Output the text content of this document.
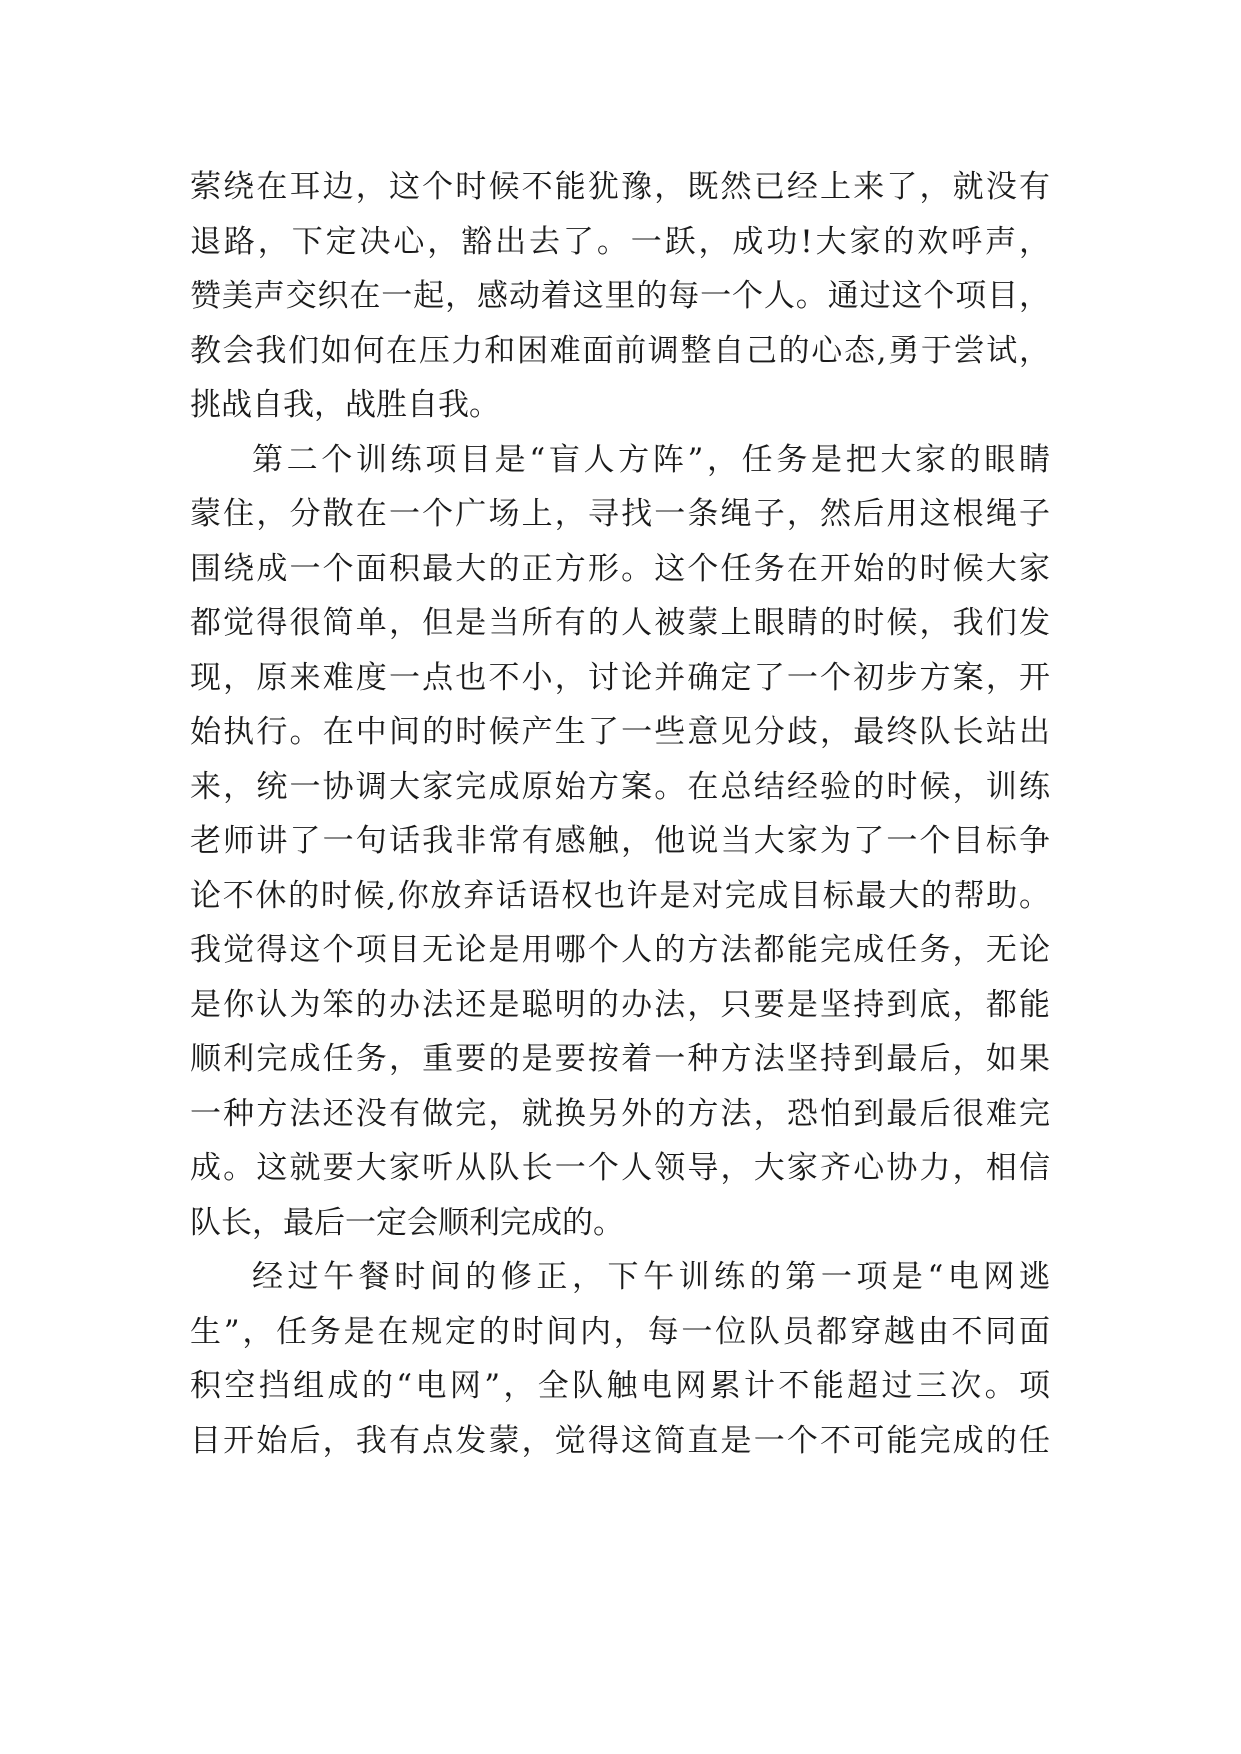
萦绕在耳边，这个时候不能犹豫，既然已经上来了，就没有
退路，下定决心，豁出去了。一跃，成功!大家的欢呼声，
赞美声交织在一起，感动着这里的每一个人。通过这个项目，
教会我们如何在压力和困难面前调整自己的心态,勇于尝试，
挑战自我，战胜自我。
第二个训练项目是“盲人方阵”，任务是把大家的眼睛
蒙住，分散在一个广场上，寻找一条绳子，然后用这根绳子
围绕成一个面积最大的正方形。这个任务在开始的时候大家
都觉得很简单，但是当所有的人被蒙上眼睛的时候，我们发
现，原来难度一点也不小，讨论并确定了一个初步方案，开
始执行。在中间的时候产生了一些意见分歧，最终队长站出
来，统一协调大家完成原始方案。在总结经验的时候，训练
老师讲了一句话我非常有感触，他说当大家为了一个目标争
论不休的时候,你放弃话语权也许是对完成目标最大的帮助。
我觉得这个项目无论是用哪个人的方法都能完成任务，无论
是你认为笨的办法还是聪明的办法，只要是坚持到底，都能
顺利完成任务，重要的是要按着一种方法坚持到最后，如果
一种方法还没有做完，就换另外的方法，恐怕到最后很难完
成。这就要大家听从队长一个人领导，大家齐心协力，相信
队长，最后一定会顺利完成的。
经过午餐时间的修正，下午训练的第一项是“电网逃
生”，任务是在规定的时间内，每一位队员都穿越由不同面
积空挡组成的“电网”，全队触电网累计不能超过三次。项
目开始后，我有点发蒙，觉得这简直是一个不可能完成的任
